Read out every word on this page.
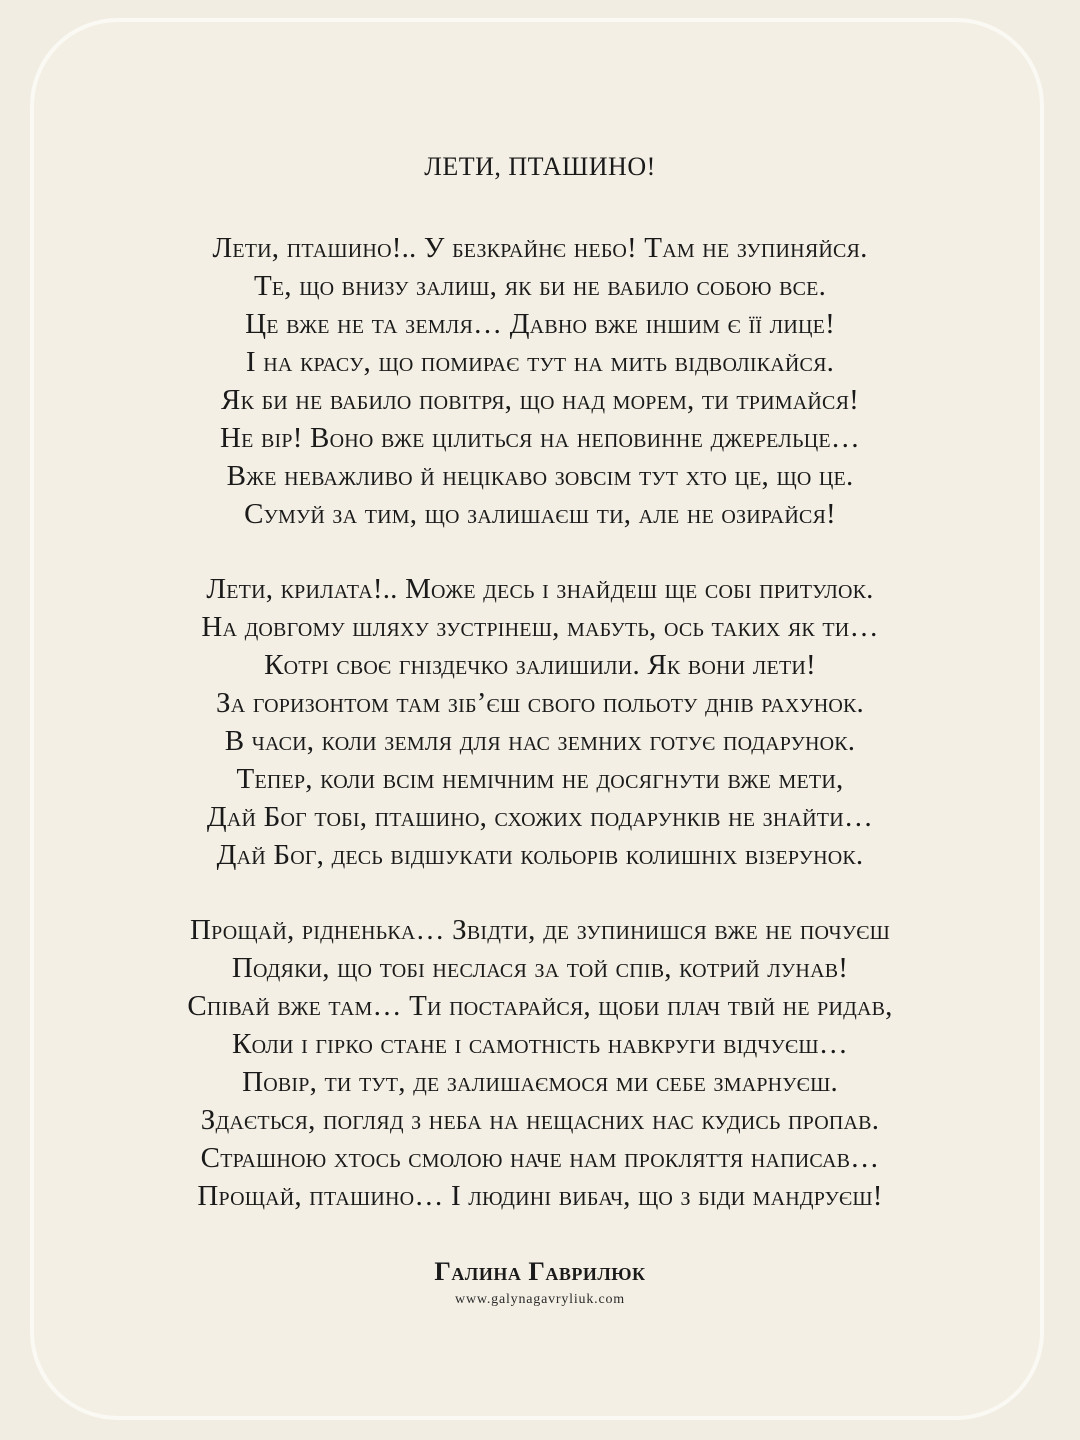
ЛЕТИ, ПТАШИНО!
Лети, пташино!.. У безкрайнє небо! Там не зупиняйся.
Те, що внизу залиш, як би не вабило собою все.
Це вже не та земля… Давно вже іншим є її лице!
І на красу, що помирає тут на мить відволікайся.
Як би не вабило повітря, що над морем, ти тримайся!
Не вір! Воно вже цілиться на неповинне джерельце…
Вже неважливо й нецікаво зовсім тут хто це, що це.
Сумуй за тим, що залишаєш ти, але не озирайся!
Лети, крилата!.. Може десь і знайдеш ще собі притулок.
На довгому шляху зустрінеш, мабуть, ось таких як ти…
Котрі своє гніздечко залишили. Як вони лети!
За горизонтом там зіб’єш свого польоту днів рахунок.
В часи, коли земля для нас земних готує подарунок.
Тепер, коли всім немічним не досягнути вже мети,
Дай Бог тобі, пташино, схожих подарунків не знайти…
Дай Бог, десь відшукати кольорів колишніх візерунок.
Прощай, рідненька… Звідти, де зупинишся вже не почуєш
Подяки, що тобі неслася за той спів, котрий лунав!
Співай вже там… Ти постарайся, щоби плач твій не ридав,
Коли і гірко стане і самотність навкруги відчуєш…
Повір, ти тут, де залишаємося ми себе змарнуєш.
Здається, погляд з неба на нещасних нас кудись пропав.
Страшною хтось смолою наче нам прокляття написав…
Прощай, пташино… І людині вибач, що з біди мандруєш!
Галина Гаврилюк
www.galynagavryliuk.com
